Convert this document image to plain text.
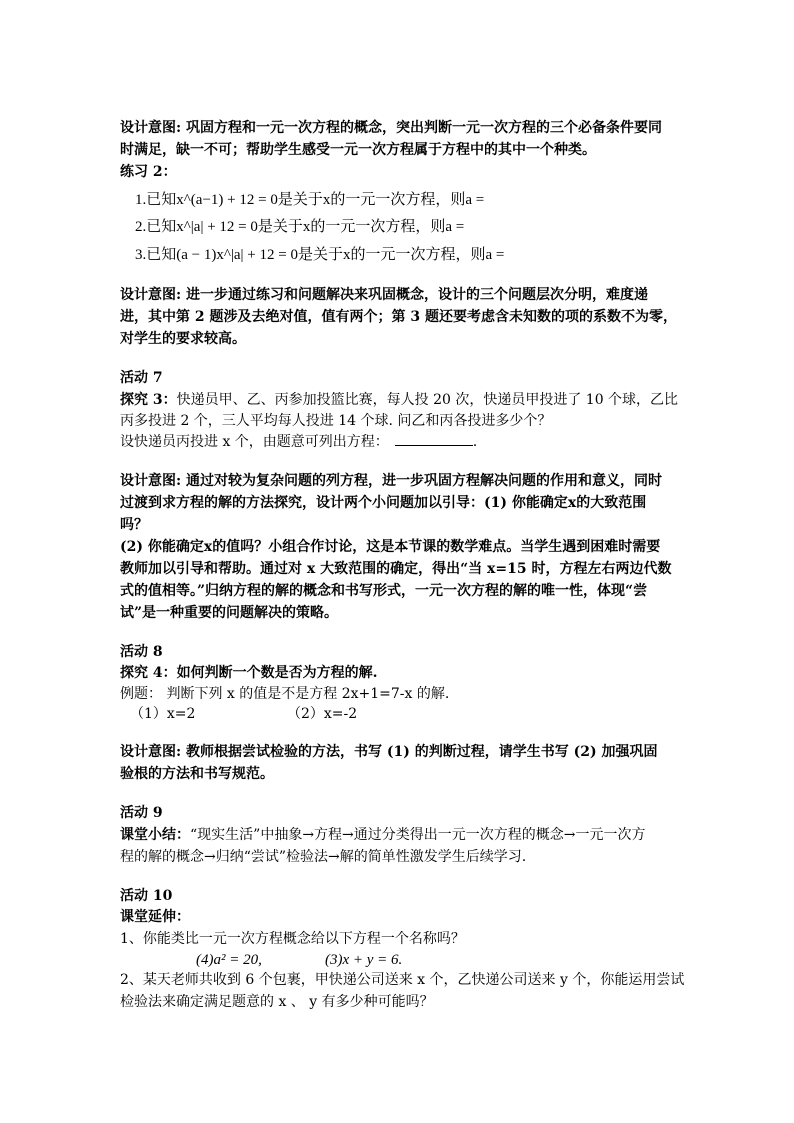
设计意图: 巩固方程和一元一次方程的概念，突出判断一元一次方程的三个必备条件要同
时满足，缺一不可；帮助学生感受一元一次方程属于方程中的其中一个种类。
练习 2：
1.已知x^(a−1) + 12 = 0是关于x的一元一次方程，则a =
2.已知x^|a| + 12 = 0是关于x的一元一次方程，则a =
3.已知(a − 1)x^|a| + 12 = 0是关于x的一元一次方程，则a =
设计意图: 进一步通过练习和问题解决来巩固概念，设计的三个问题层次分明，难度递
进，其中第 2 题涉及去绝对值，值有两个；第 3 题还要考虑含未知数的项的系数不为零，
对学生的要求较高。
活动 7
探究 3：快递员甲、乙、丙参加投篮比赛，每人投 20 次，快递员甲投进了 10 个球，乙比
丙多投进 2 个，三人平均每人投进 14 个球. 问乙和丙各投进多少个？
设快递员丙投进 x 个，由题意可列出方程：	.
设计意图: 通过对较为复杂问题的列方程，进一步巩固方程解决问题的作用和意义，同时
过渡到求方程的解的方法探究，设计两个小问题加以引导：(1) 你能确定x的大致范围
吗？
(2) 你能确定x的值吗？小组合作讨论，这是本节课的数学难点。当学生遇到困难时需要
教师加以引导和帮助。通过对 x 大致范围的确定，得出“当 x=15 时，方程左右两边代数
式的值相等。”归纳方程的解的概念和书写形式，一元一次方程的解的唯一性，体现“尝
试”是一种重要的问题解决的策略。
活动 8
探究 4：如何判断一个数是否为方程的解.
例题： 判断下列 x 的值是不是方程 2x+1=7-x 的解.
（1）x=2	（2）x=-2
设计意图: 教师根据尝试检验的方法，书写 (1) 的判断过程，请学生书写 (2) 加强巩固
验根的方法和书写规范。
活动 9
课堂小结：“现实生活”中抽象→方程→通过分类得出一元一次方程的概念→一元一次方
程的解的概念→归纳“尝试”检验法→解的简单性激发学生后续学习.
活动 10
课堂延伸：
1、你能类比一元一次方程概念给以下方程一个名称吗？
(4)a² = 20,	(3)x + y = 6.
2、某天老师共收到 6 个包裹，甲快递公司送来 x 个，乙快递公司送来 y 个，你能运用尝试
检验法来确定满足题意的 x 、 y 有多少种可能吗？
